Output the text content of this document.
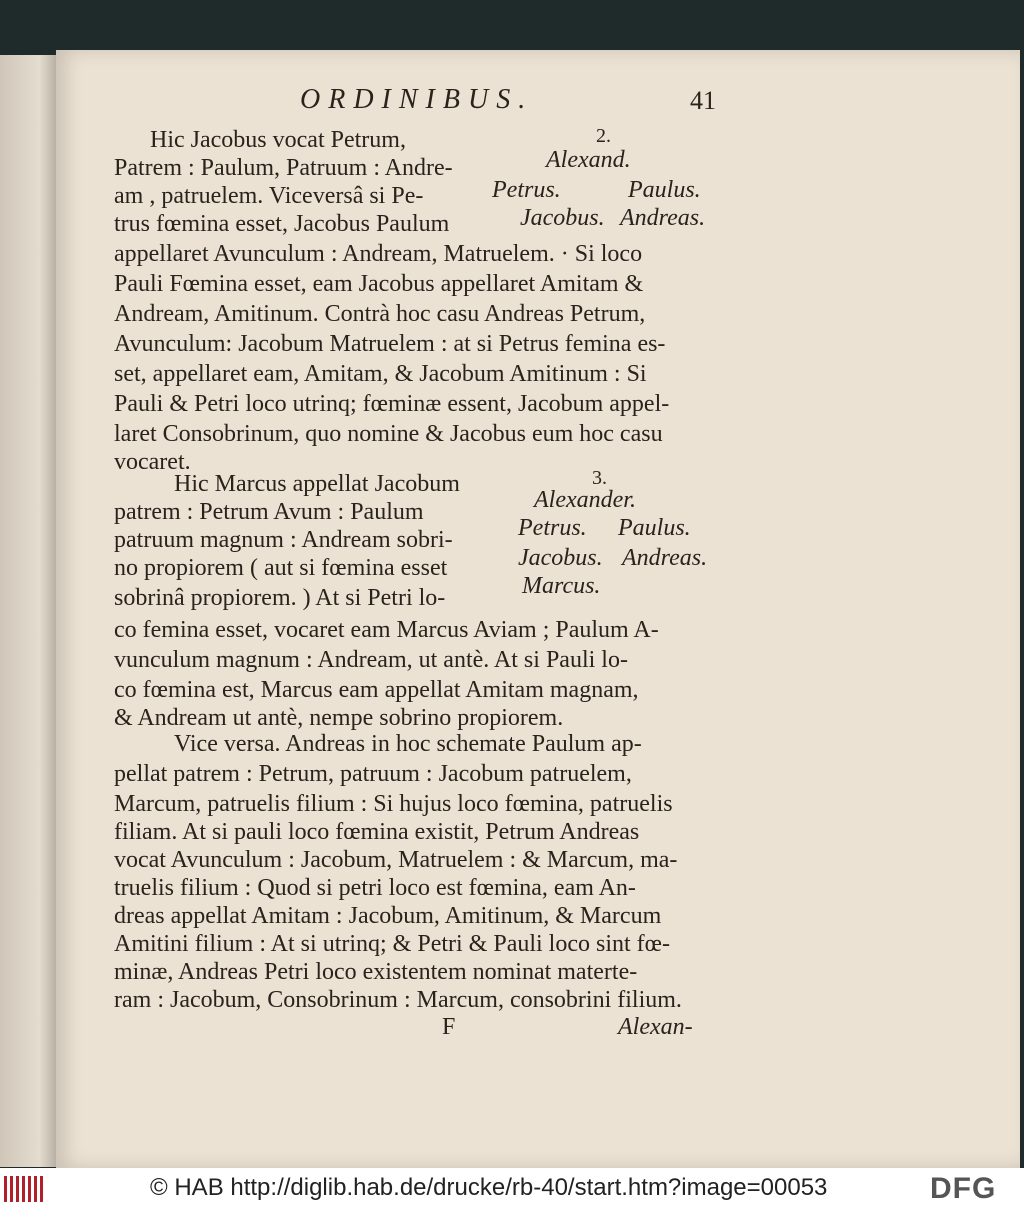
ORDINIBUS.	41
Hic Jacobus vocat Petrum,
Patrem : Paulum, Patruum : Andre-
am , patruelem. Viceversâ si Pe-
trus fœmina esset, Jacobus Paulum
appellaret Avunculum : Andream, Matruelem. · Si loco
Pauli Fœmina esset, eam Jacobus appellaret Amitam &
Andream, Amitinum. Contrà hoc casu Andreas Petrum,
Avunculum: Jacobum Matruelem : at si Petrus femina es-
set, appellaret eam, Amitam, & Jacobum Amitinum : Si
Pauli & Petri loco utrinq; fœminæ essent, Jacobum appel-
laret Consobrinum, quo nomine & Jacobus eum hoc casu
vocaret.
Hic Marcus appellat Jacobum
patrem : Petrum Avum : Paulum
patruum magnum : Andream sobri-
no propiorem ( aut si fœmina esset
sobrinâ propiorem. ) At si Petri lo-
co femina esset, vocaret eam Marcus Aviam ; Paulum A-
vunculum magnum : Andream, ut antè. At si Pauli lo-
co fœmina est, Marcus eam appellat Amitam magnam,
& Andream ut antè, nempe sobrino propiorem.
Vice versa. Andreas in hoc schemate Paulum ap-
pellat patrem : Petrum, patruum : Jacobum patruelem,
Marcum, patruelis filium : Si hujus loco fœmina, patruelis
filiam. At si pauli loco fœmina existit, Petrum Andreas
vocat Avunculum : Jacobum, Matruelem : & Marcum, ma-
truelis filium : Quod si petri loco est fœmina, eam An-
dreas appellat Amitam : Jacobum, Amitinum, & Marcum
Amitini filium : At si utrinq; & Petri & Pauli loco sint fœ-
minæ, Andreas Petri loco existentem nominat materte-
ram : Jacobum, Consobrinum : Marcum, consobrini filium.
2.
Alexand.
Petrus.	Paulus.
Jacobus. Andreas.
3.
Alexander.
Petrus. Paulus.
Jacobus. Andreas.
Marcus.
F	Alexan-
© HAB http://diglib.hab.de/drucke/rb-40/start.htm?image=00053	DFG
